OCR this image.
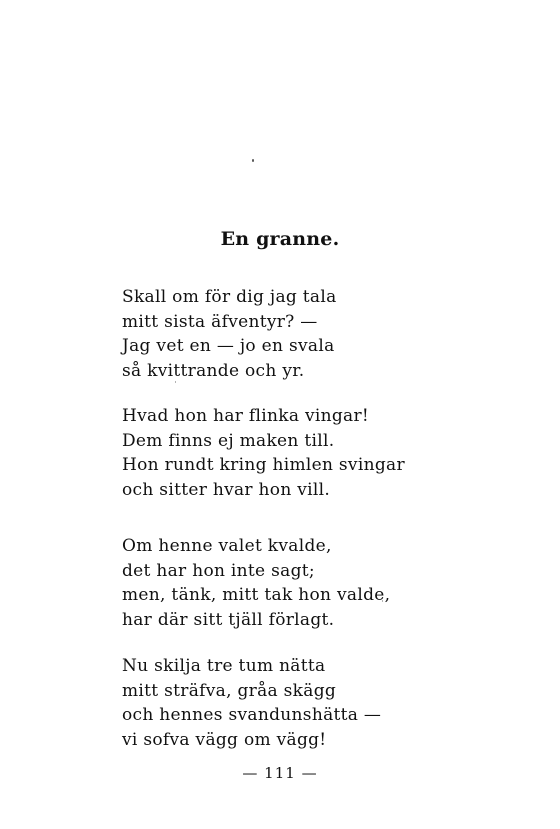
En granne.
Skall om för dig jag tala
mitt sista äfventyr? —
Jag vet en — jo en svala
så kvittrande och yr.
Hvad hon har flinka vingar!
Dem finns ej maken till.
Hon rundt kring himlen svingar
och sitter hvar hon vill.
Om henne valet kvalde,
det har hon inte sagt;
men, tänk, mitt tak hon valde,
har där sitt tjäll förlagt.
Nu skilja tre tum nätta
mitt sträfva, gråa skägg
och hennes svandunshätta —
vi sofva vägg om vägg!
— 111 —
